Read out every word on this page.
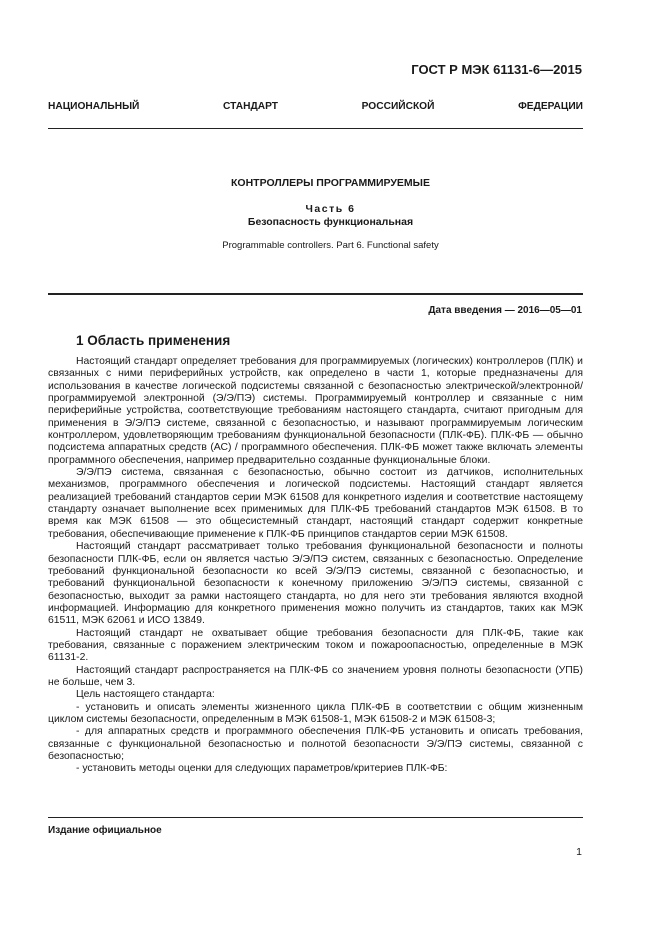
ГОСТ Р МЭК 61131-6—2015
НАЦИОНАЛЬНЫЙ СТАНДАРТ РОССИЙСКОЙ ФЕДЕРАЦИИ
КОНТРОЛЛЕРЫ ПРОГРАММИРУЕМЫЕ
Часть 6
Безопасность функциональная
Programmable controllers. Part 6. Functional safety
Дата введения — 2016—05—01
1 Область применения

Настоящий стандарт определяет требования для программируемых (логических) контроллеров (ПЛК) и связанных с ними периферийных устройств, как определено в части 1, которые предназначены для использования в качестве логической подсистемы связанной с безопасностью электрической/электронной/программируемой электронной (Э/Э/ПЭ) системы. Программируемый контроллер и связанные с ним периферийные устройства, соответствующие требованиям настоящего стандарта, считают пригодным для применения в Э/Э/ПЭ системе, связанной с безопасностью, и называют программируемым логическим контроллером, удовлетворяющим требованиям функциональной безопасности (ПЛК-ФБ). ПЛК-ФБ — обычно подсистема аппаратных средств (АС) / программного обеспечения. ПЛК-ФБ может также включать элементы программного обеспечения, например предварительно созданные функциональные блоки.

Э/Э/ПЭ система, связанная с безопасностью, обычно состоит из датчиков, исполнительных механизмов, программного обеспечения и логической подсистемы. Настоящий стандарт является реализацией требований стандартов серии МЭК 61508 для конкретного изделия и соответствие настоящему стандарту означает выполнение всех применимых для ПЛК-ФБ требований стандартов МЭК 61508. В то время как МЭК 61508 — это общесистемный стандарт, настоящий стандарт содержит конкретные требования, обеспечивающие применение к ПЛК-ФБ принципов стандартов серии МЭК 61508.

Настоящий стандарт рассматривает только требования функциональной безопасности и полноты безопасности ПЛК-ФБ, если он является частью Э/Э/ПЭ систем, связанных с безопасностью. Определение требований функциональной безопасности ко всей Э/Э/ПЭ системы, связанной с безопасностью, и требований функциональной безопасности к конечному приложению Э/Э/ПЭ системы, связанной с безопасностью, выходит за рамки настоящего стандарта, но для него эти требования являются входной информацией. Информацию для конкретного применения можно получить из стандартов, таких как МЭК 61511, МЭК 62061 и ИСО 13849.

Настоящий стандарт не охватывает общие требования безопасности для ПЛК-ФБ, такие как требования, связанные с поражением электрическим током и пожароопасностью, определенные в МЭК 61131-2.

Настоящий стандарт распространяется на ПЛК-ФБ со значением уровня полноты безопасности (УПБ) не больше, чем 3.

Цель настоящего стандарта:

- установить и описать элементы жизненного цикла ПЛК-ФБ в соответствии с общим жизненным циклом системы безопасности, определенным в МЭК 61508-1, МЭК 61508-2 и МЭК 61508-3;

- для аппаратных средств и программного обеспечения ПЛК-ФБ установить и описать требования, связанные с функциональной безопасностью и полнотой безопасности Э/Э/ПЭ системы, связанной с безопасностью;

- установить методы оценки для следующих параметров/критериев ПЛК-ФБ:

Издание официальное
1
